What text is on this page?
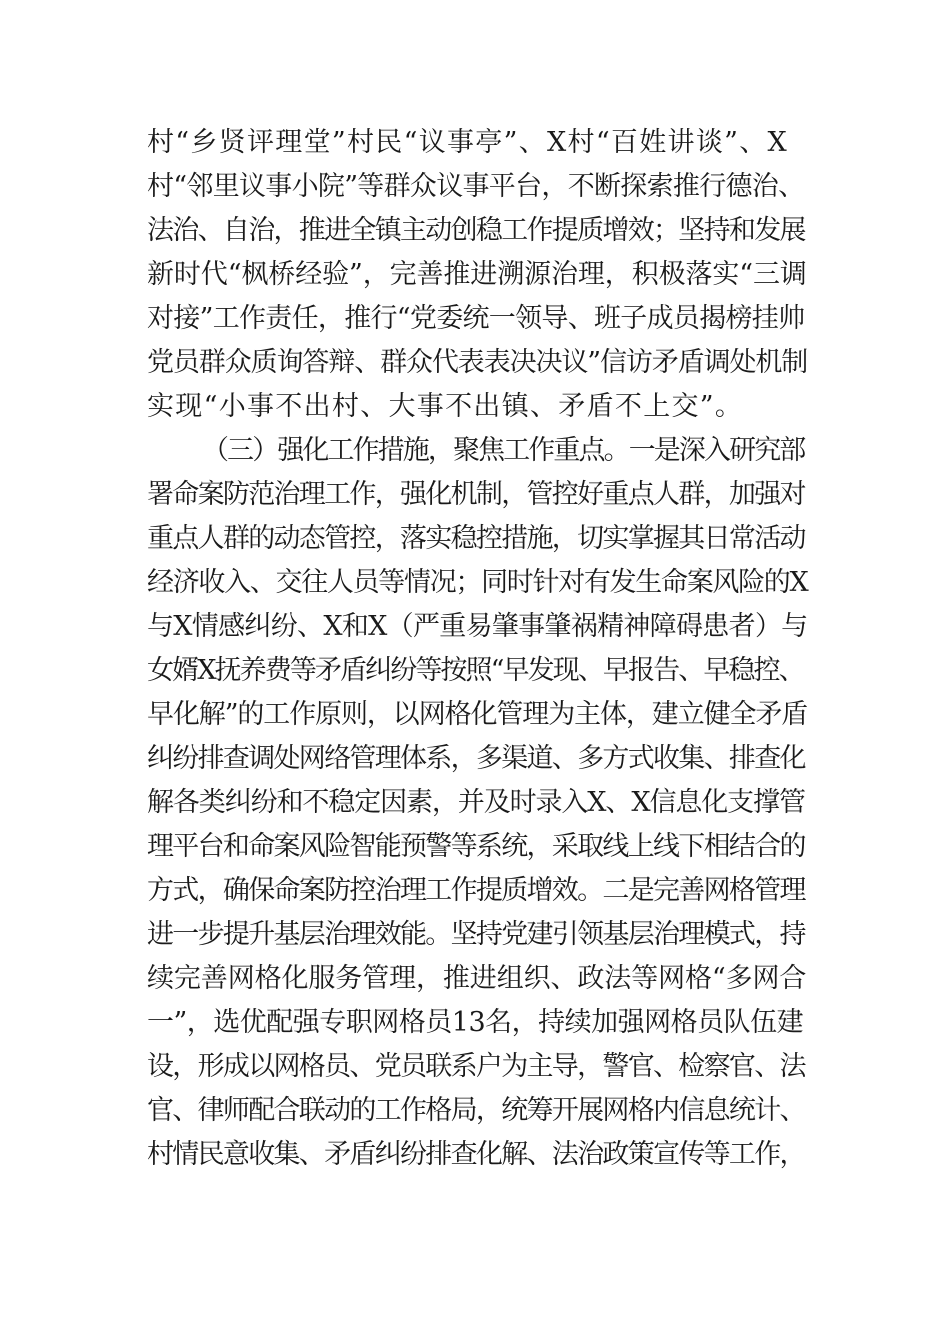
村“乡贤评理堂”村民“议事亭”、X村“百姓讲谈”、X
村“邻里议事小院”等群众议事平台，不断探索推行德治、
法治、自治，推进全镇主动创稳工作提质增效；坚持和发展
新时代“枫桥经验”，完善推进溯源治理，积极落实“三调
对接”工作责任，推行“党委统一领导、班子成员揭榜挂帅
党员群众质询答辩、群众代表表决决议”信访矛盾调处机制
实现“小事不出村、大事不出镇、矛盾不上交”。
（三）强化工作措施，聚焦工作重点。一是深入研究部
署命案防范治理工作，强化机制，管控好重点人群，加强对
重点人群的动态管控，落实稳控措施，切实掌握其日常活动
经济收入、交往人员等情况；同时针对有发生命案风险的X
与X情感纠纷、X和X（严重易肇事肇祸精神障碍患者）与
女婿X抚养费等矛盾纠纷等按照“早发现、早报告、早稳控、
早化解”的工作原则，以网格化管理为主体，建立健全矛盾
纠纷排查调处网络管理体系，多渠道、多方式收集、排查化
解各类纠纷和不稳定因素，并及时录入X、X信息化支撑管
理平台和命案风险智能预警等系统，采取线上线下相结合的
方式，确保命案防控治理工作提质增效。二是完善网格管理
进一步提升基层治理效能。坚持党建引领基层治理模式，持
续完善网格化服务管理，推进组织、政法等网格“多网合
一”，选优配强专职网格员13名，持续加强网格员队伍建
设，形成以网格员、党员联系户为主导，警官、检察官、法
官、律师配合联动的工作格局，统筹开展网格内信息统计、
村情民意收集、矛盾纠纷排查化解、法治政策宣传等工作，
